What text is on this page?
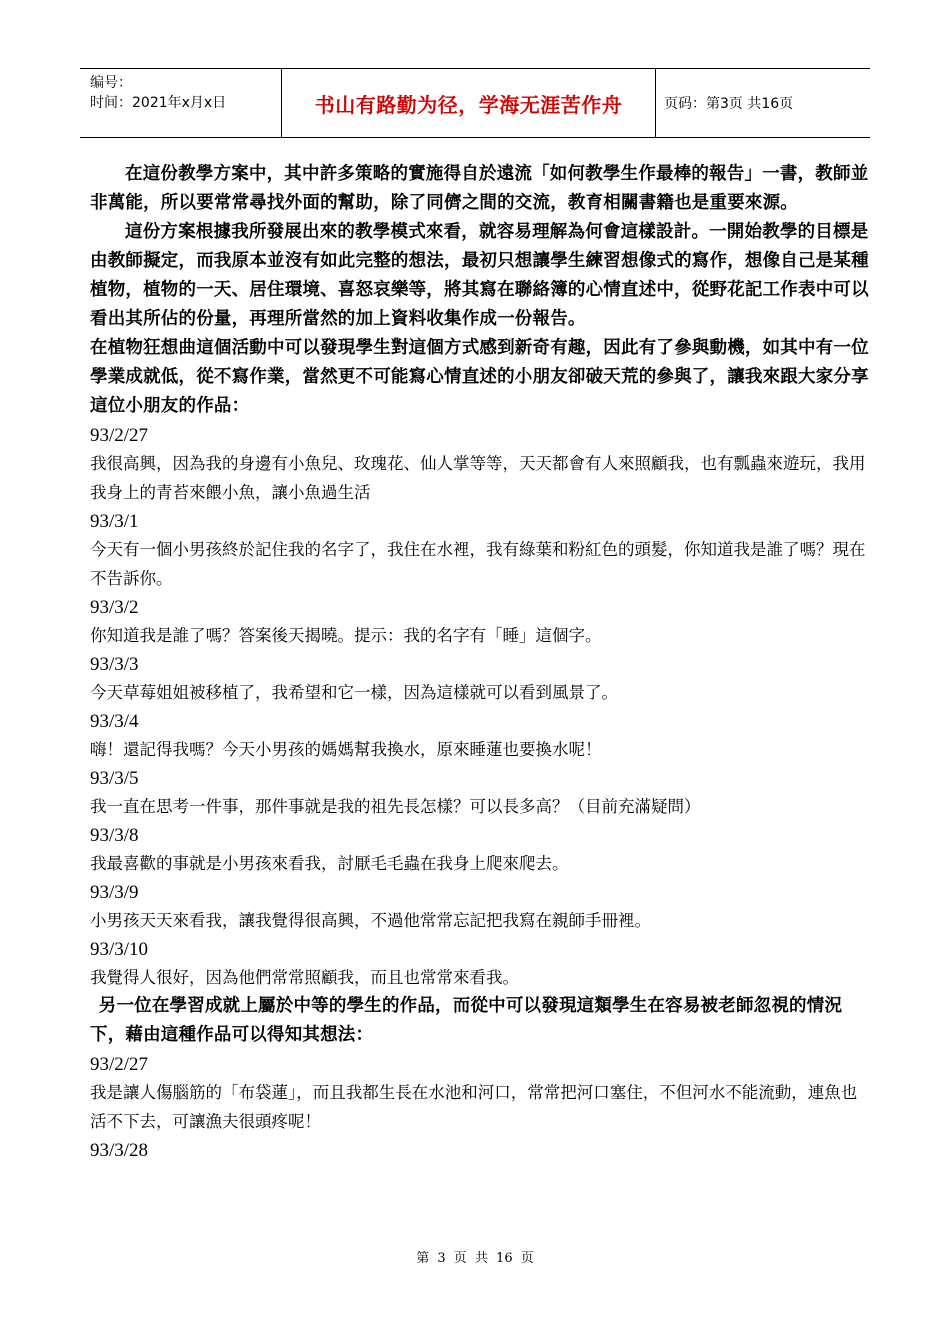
编号：
时间：2021年x月x日	书山有路勤为径，学海无涯苦作舟	页码：第3页 共16页

在這份教學方案中，其中許多策略的實施得自於遠流「如何教學生作最棒的報告」一書，教師並非萬能，所以要常常尋找外面的幫助，除了同儕之間的交流，教育相關書籍也是重要來源。

這份方案根據我所發展出來的教學模式來看，就容易理解為何會這樣設計。一開始教學的目標是由教師擬定，而我原本並沒有如此完整的想法，最初只想讓學生練習想像式的寫作，想像自己是某種植物，植物的一天、居住環境、喜怒哀樂等，將其寫在聯絡簿的心情直述中，從野花記工作表中可以看出其所佔的份量，再理所當然的加上資料收集作成一份報告。

在植物狂想曲這個活動中可以發現學生對這個方式感到新奇有趣，因此有了參與動機，如其中有一位學業成就低，從不寫作業，當然更不可能寫心情直述的小朋友卻破天荒的參與了，讓我來跟大家分享這位小朋友的作品：

93/2/27

我很高興，因為我的身邊有小魚兒、玫瑰花、仙人掌等等，天天都會有人來照顧我，也有瓢蟲來遊玩，我用我身上的青苔來餵小魚，讓小魚過生活

93/3/1

今天有一個小男孩終於記住我的名字了，我住在水裡，我有綠葉和粉紅色的頭髮，你知道我是誰了嗎？現在不告訴你。

93/3/2

你知道我是誰了嗎？答案後天揭曉。提示：我的名字有「睡」這個字。

93/3/3

今天草莓姐姐被移植了，我希望和它一樣，因為這樣就可以看到風景了。

93/3/4

嗨！還記得我嗎？今天小男孩的媽媽幫我換水，原來睡蓮也要換水呢！

93/3/5

我一直在思考一件事，那件事就是我的祖先長怎樣？可以長多高？（目前充滿疑問）

93/3/8

我最喜歡的事就是小男孩來看我，討厭毛毛蟲在我身上爬來爬去。

93/3/9

小男孩天天來看我，讓我覺得很高興，不過他常常忘記把我寫在親師手冊裡。

93/3/10

我覺得人很好，因為他們常常照顧我，而且也常常來看我。

另一位在學習成就上屬於中等的學生的作品，而從中可以發現這類學生在容易被老師忽視的情況下，藉由這種作品可以得知其想法：

93/2/27

我是讓人傷腦筋的「布袋蓮」，而且我都生長在水池和河口，常常把河口塞住，不但河水不能流動，連魚也活不下去，可讓漁夫很頭疼呢！

93/3/28

第 3 页 共 16 页
